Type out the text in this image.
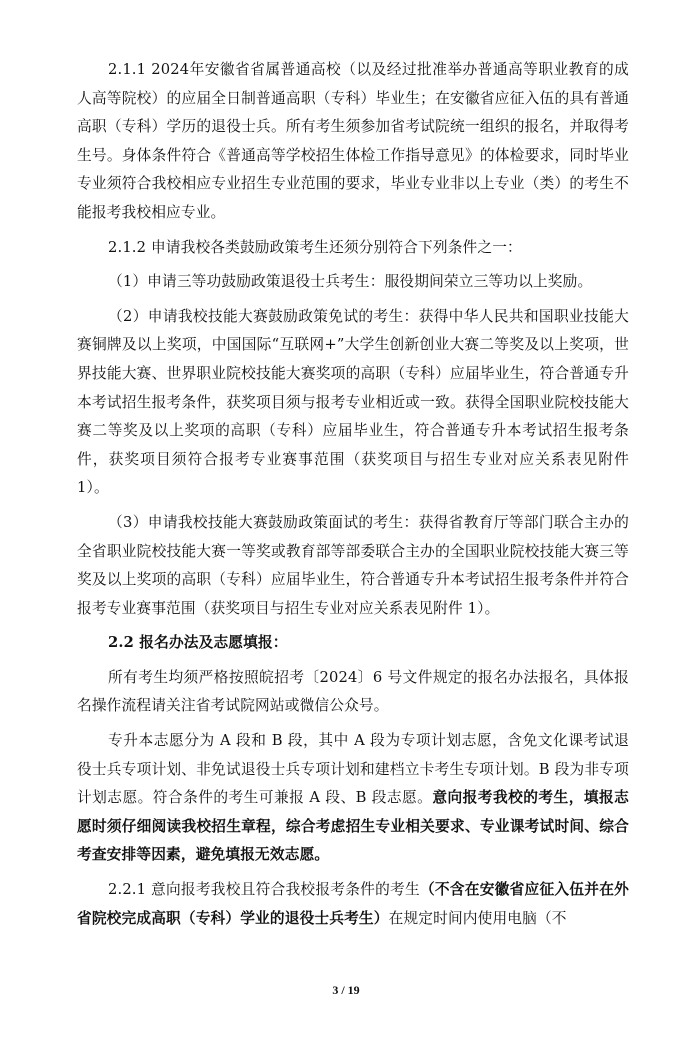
2.1.1 2024年安徽省省属普通高校（以及经过批准举办普通高等职业教育的成人高等院校）的应届全日制普通高职（专科）毕业生；在安徽省应征入伍的具有普通高职（专科）学历的退役士兵。所有考生须参加省考试院统一组织的报名，并取得考生号。身体条件符合《普通高等学校招生体检工作指导意见》的体检要求，同时毕业专业须符合我校相应专业招生专业范围的要求，毕业专业非以上专业（类）的考生不能报考我校相应专业。

2.1.2 申请我校各类鼓励政策考生还须分别符合下列条件之一：

（1）申请三等功鼓励政策退役士兵考生：服役期间荣立三等功以上奖励。

（2）申请我校技能大赛鼓励政策免试的考生：获得中华人民共和国职业技能大赛铜牌及以上奖项，中国国际“互联网+”大学生创新创业大赛二等奖及以上奖项，世界技能大赛、世界职业院校技能大赛奖项的高职（专科）应届毕业生，符合普通专升本考试招生报考条件，获奖项目须与报考专业相近或一致。获得全国职业院校技能大赛二等奖及以上奖项的高职（专科）应届毕业生，符合普通专升本考试招生报考条件，获奖项目须符合报考专业赛事范围（获奖项目与招生专业对应关系表见附件 1）。

（3）申请我校技能大赛鼓励政策面试的考生：获得省教育厅等部门联合主办的全省职业院校技能大赛一等奖或教育部等部委联合主办的全国职业院校技能大赛三等奖及以上奖项的高职（专科）应届毕业生，符合普通专升本考试招生报考条件并符合报考专业赛事范围（获奖项目与招生专业对应关系表见附件 1）。

2.2 报名办法及志愿填报：

所有考生均须严格按照皖招考〔2024〕6 号文件规定的报名办法报名，具体报名操作流程请关注省考试院网站或微信公众号。

专升本志愿分为 A 段和 B 段，其中 A 段为专项计划志愿，含免文化课考试退役士兵专项计划、非免试退役士兵专项计划和建档立卡考生专项计划。B 段为非专项计划志愿。符合条件的考生可兼报 A 段、B 段志愿。意向报考我校的考生，填报志愿时须仔细阅读我校招生章程，综合考虑招生专业相关要求、专业课考试时间、综合考查安排等因素，避免填报无效志愿。

2.2.1 意向报考我校且符合我校报考条件的考生（不含在安徽省应征入伍并在外省院校完成高职（专科）学业的退役士兵考生）在规定时间内使用电脑（不

3 / 19
